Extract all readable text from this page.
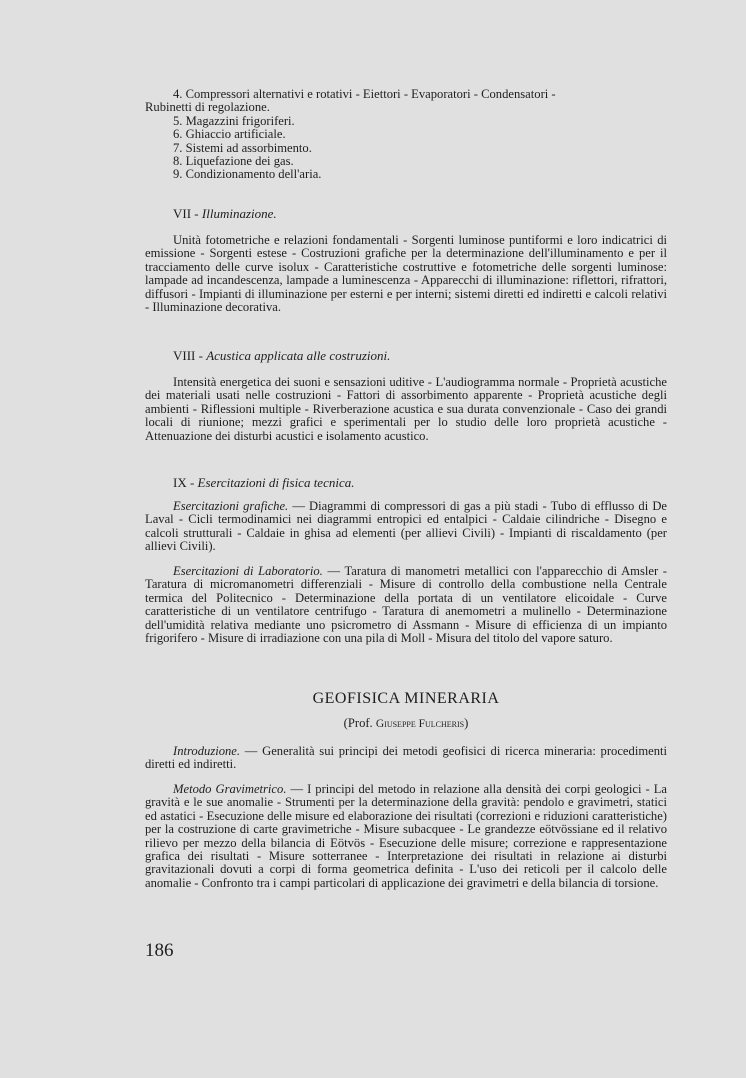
4. Compressori alternativi e rotativi - Eiettori - Evaporatori - Condensatori -

Rubinetti di regolazione.

5. Magazzini frigoriferi.

6. Ghiaccio artificiale.

7. Sistemi ad assorbimento.

8. Liquefazione dei gas.

9. Condizionamento dell'aria.

VII - Illuminazione.

Unità fotometriche e relazioni fondamentali - Sorgenti luminose puntiformi e loro indicatrici di emissione - Sorgenti estese - Costruzioni grafiche per la determinazione dell'illuminamento e per il tracciamento delle curve isolux - Caratteristiche costruttive e fotometriche delle sorgenti luminose: lampade ad incandescenza, lampade a luminescenza - Apparecchi di illuminazione: riflettori, rifrattori, diffusori - Impianti di illuminazione per esterni e per interni; sistemi diretti ed indiretti e calcoli relativi - Illuminazione decorativa.

VIII - Acustica applicata alle costruzioni.

Intensità energetica dei suoni e sensazioni uditive - L'audiogramma normale - Proprietà acustiche dei materiali usati nelle costruzioni - Fattori di assorbimento apparente - Proprietà acustiche degli ambienti - Riflessioni multiple - Riverberazione acustica e sua durata convenzionale - Caso dei grandi locali di riunione; mezzi grafici e sperimentali per lo studio delle loro proprietà acustiche - Attenuazione dei disturbi acustici e isolamento acustico.

IX - Esercitazioni di fisica tecnica.

Esercitazioni grafiche. — Diagrammi di compressori di gas a più stadi - Tubo di efflusso di De Laval - Cicli termodinamici nei diagrammi entropici ed entalpici - Caldaie cilindriche - Disegno e calcoli strutturali - Caldaie in ghisa ad elementi (per allievi Civili) - Impianti di riscaldamento (per allievi Civili).

Esercitazioni di Laboratorio. — Taratura di manometri metallici con l'apparecchio di Amsler - Taratura di micromanometri differenziali - Misure di controllo della combustione nella Centrale termica del Politecnico - Determinazione della portata di un ventilatore elicoidale - Curve caratteristiche di un ventilatore centrifugo - Taratura di anemometri a mulinello - Determinazione dell'umidità relativa mediante uno psicrometro di Assmann - Misure di efficienza di un impianto frigorifero - Misure di irradiazione con una pila di Moll - Misura del titolo del vapore saturo.

GEOFISICA MINERARIA
(Prof. Giuseppe Fulcheris)

Introduzione. — Generalità sui principi dei metodi geofisici di ricerca mineraria: procedimenti diretti ed indiretti.

Metodo Gravimetrico. — I principi del metodo in relazione alla densità dei corpi geologici - La gravità e le sue anomalie - Strumenti per la determinazione della gravità: pendolo e gravimetri, statici ed astatici - Esecuzione delle misure ed elaborazione dei risultati (correzioni e riduzioni caratteristiche) per la costruzione di carte gravimetriche - Misure subacquee - Le grandezze eötvössiane ed il relativo rilievo per mezzo della bilancia di Eötvös - Esecuzione delle misure; correzione e rappresentazione grafica dei risultati - Misure sotterranee - Interpretazione dei risultati in relazione ai disturbi gravitazionali dovuti a corpi di forma geometrica definita - L'uso dei reticoli per il calcolo delle anomalie - Confronto tra i campi particolari di applicazione dei gravimetri e della bilancia di torsione.

186
